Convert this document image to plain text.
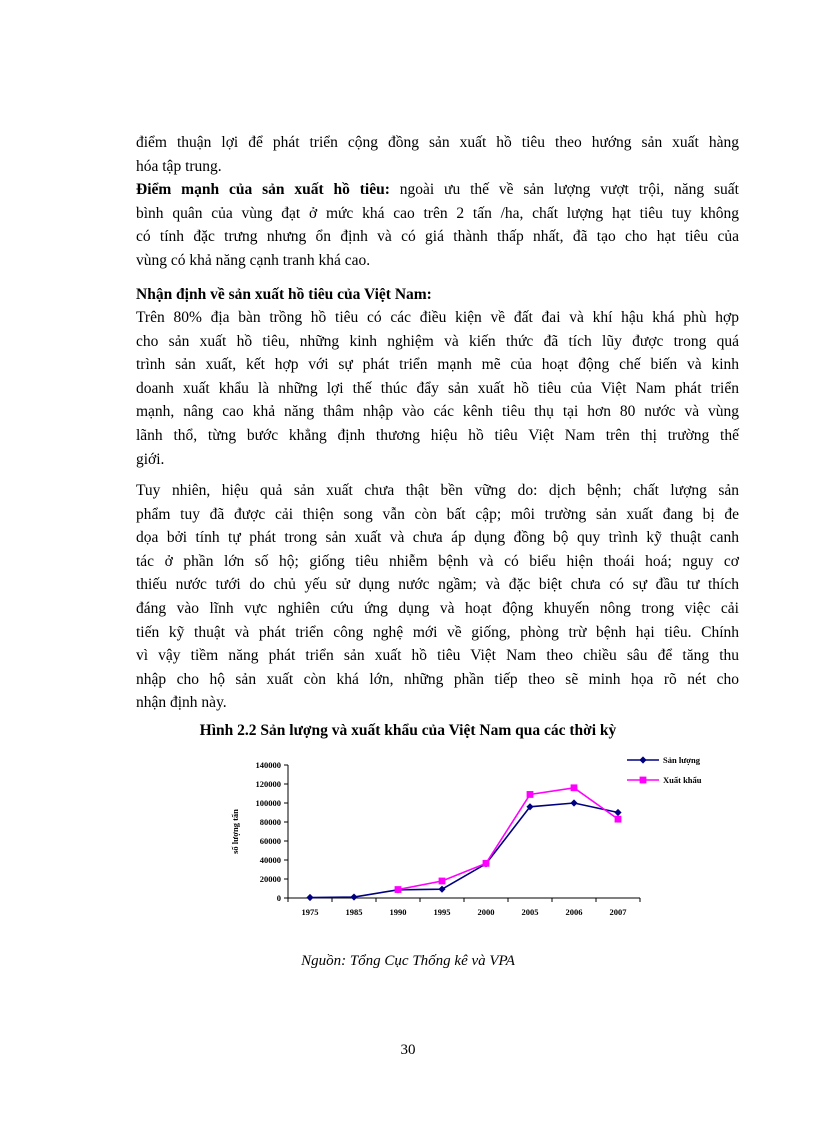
điểm thuận lợi để phát triển cộng đồng sản xuất hồ tiêu theo hướng sản xuất hàng
hóa tập trung.
Điểm mạnh của sản xuất hồ tiêu: ngoài ưu thế về sản lượng vượt trội, năng suất
bình quân của vùng đạt ở mức khá cao trên 2 tấn /ha, chất lượng hạt tiêu tuy không
có tính đặc trưng nhưng ổn định và có giá thành thấp nhất, đã tạo cho hạt tiêu của
vùng có khả năng cạnh tranh khá cao.
Nhận định về sản xuất hồ tiêu của Việt Nam:
Trên 80% địa bàn trồng hồ tiêu có các điều kiện về đất đai và khí hậu khá phù hợp
cho sản xuất hồ tiêu, những kinh nghiệm và kiến thức đã tích lũy được trong quá
trình sản xuất, kết hợp với sự phát triển mạnh mẽ của hoạt động chế biến và kinh
doanh xuất khẩu là những lợi thế thúc đẩy sản xuất hồ tiêu của Việt Nam phát triển
mạnh, nâng cao khả năng thâm nhập vào các kênh tiêu thụ tại hơn 80 nước và vùng
lãnh thổ, từng bước khẳng định thương hiệu hồ tiêu Việt Nam trên thị trường thế
giới.
Tuy nhiên, hiệu quả sản xuất chưa thật bền vững do: dịch bệnh; chất lượng sản
phẩm tuy đã được cải thiện song vẫn còn bất cập; môi trường sản xuất đang bị đe
dọa bởi tính tự phát trong sản xuất và chưa áp dụng đồng bộ quy trình kỹ thuật canh
tác ở phần lớn số hộ; giống tiêu nhiễm bệnh và có biểu hiện thoái hoá; nguy cơ
thiếu nước tưới do chủ yếu sử dụng nước ngầm; và đặc biệt chưa có sự đầu tư thích
đáng vào lĩnh vực nghiên cứu ứng dụng và hoạt động khuyến nông trong việc cải
tiến kỹ thuật và phát triển công nghệ mới về giống, phòng trừ bệnh hại tiêu. Chính
vì vậy tiềm năng phát triển sản xuất hồ tiêu Việt Nam theo chiều sâu để tăng thu
nhập cho hộ sản xuất còn khá lớn, những phần tiếp theo sẽ minh họa rõ nét cho
nhận định này.
Hình 2.2 Sản lượng và xuất khẩu của Việt Nam qua các thời kỳ
0
20000
40000
60000
80000
100000
120000
140000
1975	1985	1990	1995	2000	2005	2006	2007
số lượng tấn
Sản lượng
Xuất khẩu
Nguồn: Tổng Cục Thống kê và VPA
30
